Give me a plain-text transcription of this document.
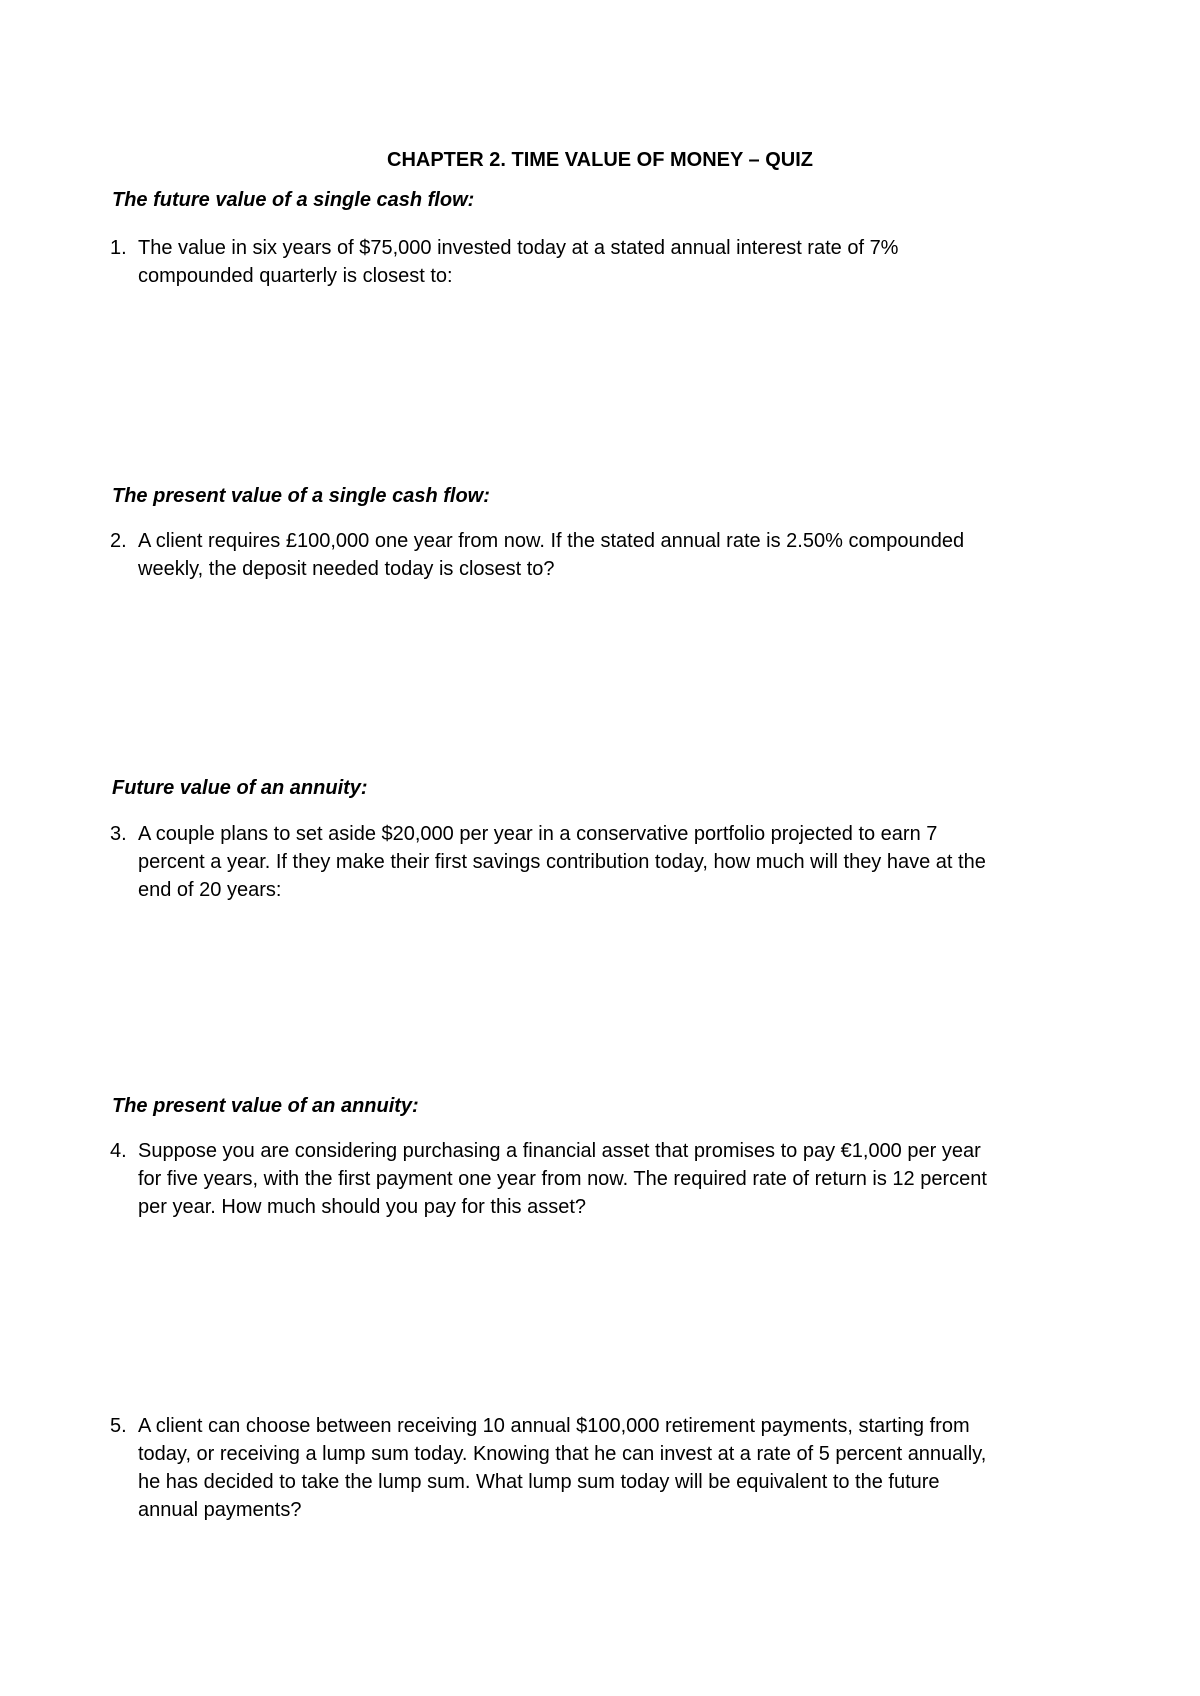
CHAPTER 2. TIME VALUE OF MONEY – QUIZ
The future value of a single cash flow:
1. The value in six years of $75,000 invested today at a stated annual interest rate of 7%
compounded quarterly is closest to:
The present value of a single cash flow:
2. A client requires £100,000 one year from now. If the stated annual rate is 2.50% compounded
weekly, the deposit needed today is closest to?
Future value of an annuity:
3. A couple plans to set aside $20,000 per year in a conservative portfolio projected to earn 7
percent a year. If they make their first savings contribution today, how much will they have at the
end of 20 years:
The present value of an annuity:
4. Suppose you are considering purchasing a financial asset that promises to pay €1,000 per year
for five years, with the first payment one year from now. The required rate of return is 12 percent
per year. How much should you pay for this asset?
5. A client can choose between receiving 10 annual $100,000 retirement payments, starting from
today, or receiving a lump sum today. Knowing that he can invest at a rate of 5 percent annually,
he has decided to take the lump sum. What lump sum today will be equivalent to the future
annual payments?
